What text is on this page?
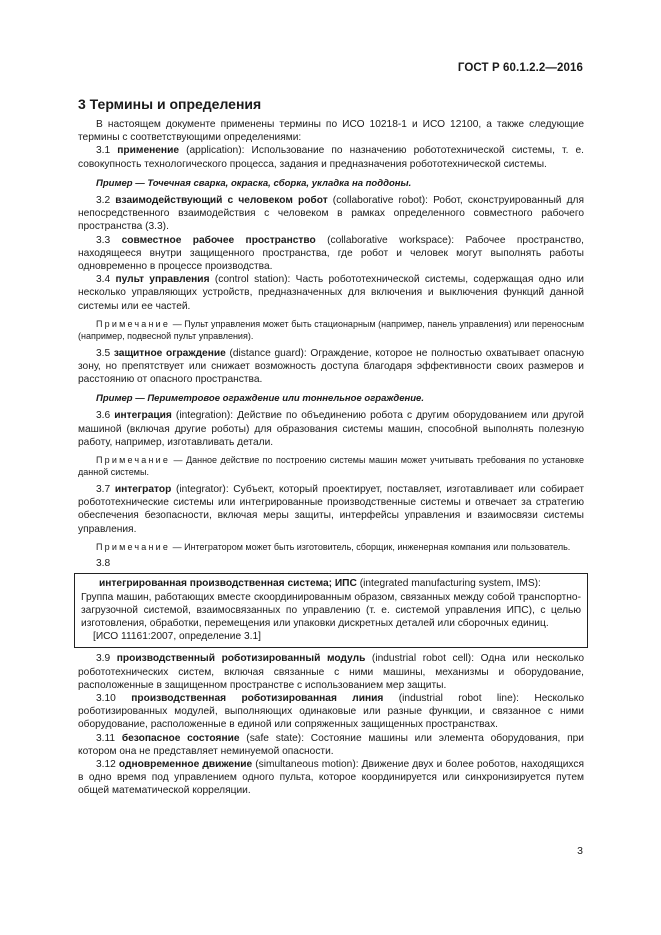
ГОСТ Р 60.1.2.2—2016
3 Термины и определения

В настоящем документе применены термины по ИСО 10218-1 и ИСО 12100, а также следующие термины с соответствующими определениями:

3.1 применение (application): Использование по назначению робототехнической системы, т. е. совокупность технологического процесса, задания и предназначения робототехнической системы.

Пример — Точечная сварка, окраска, сборка, укладка на поддоны.

3.2 взаимодействующий с человеком робот (collaborative robot): Робот, сконструированный для непосредственного взаимодействия с человеком в рамках определенного совместного рабочего пространства (3.3).

3.3 совместное рабочее пространство (collaborative workspace): Рабочее пространство, находящееся внутри защищенного пространства, где робот и человек могут выполнять работы одновременно в процессе производства.

3.4 пульт управления (control station): Часть робототехнической системы, содержащая одно или несколько управляющих устройств, предназначенных для включения и выключения функций данной системы или ее частей.

Примечание — Пульт управления может быть стационарным (например, панель управления) или переносным (например, подвесной пульт управления).

3.5 защитное ограждение (distance guard): Ограждение, которое не полностью охватывает опасную зону, но препятствует или снижает возможность доступа благодаря эффективности своих размеров и расстоянию от опасного пространства.

Пример — Периметровое ограждение или тоннельное ограждение.

3.6 интеграция (integration): Действие по объединению робота с другим оборудованием или другой машиной (включая другие роботы) для образования системы машин, способной выполнять полезную работу, например, изготавливать детали.

Примечание — Данное действие по построению системы машин может учитывать требования по установке данной системы.

3.7 интегратор (integrator): Субъект, который проектирует, поставляет, изготавливает или собирает робототехнические системы или интегрированные производственные системы и отвечает за стратегию обеспечения безопасности, включая меры защиты, интерфейсы управления и взаимосвязи системы управления.

Примечание — Интегратором может быть изготовитель, сборщик, инженерная компания или пользователь.

3.8

интегрированная производственная система; ИПС (integrated manufacturing system, IMS):

Группа машин, работающих вместе скоординированным образом, связанных между собой транспортно-загрузочной системой, взаимосвязанных по управлению (т. е. системой управления ИПС), с целью изготовления, обработки, перемещения или упаковки дискретных деталей или сборочных единиц.

[ИСО 11161:2007, определение 3.1]

3.9 производственный роботизированный модуль (industrial robot cell): Одна или несколько робототехнических систем, включая связанные с ними машины, механизмы и оборудование, расположенные в защищенном пространстве с использованием мер защиты.

3.10 производственная роботизированная линия (industrial robot line): Несколько роботизированных модулей, выполняющих одинаковые или разные функции, и связанное с ними оборудование, расположенные в единой или сопряженных защищенных пространствах.

3.11 безопасное состояние (safe state): Состояние машины или элемента оборудования, при котором она не представляет неминуемой опасности.

3.12 одновременное движение (simultaneous motion): Движение двух и более роботов, находящихся в одно время под управлением одного пульта, которое координируется или синхронизируется путем общей математической корреляции.

3
